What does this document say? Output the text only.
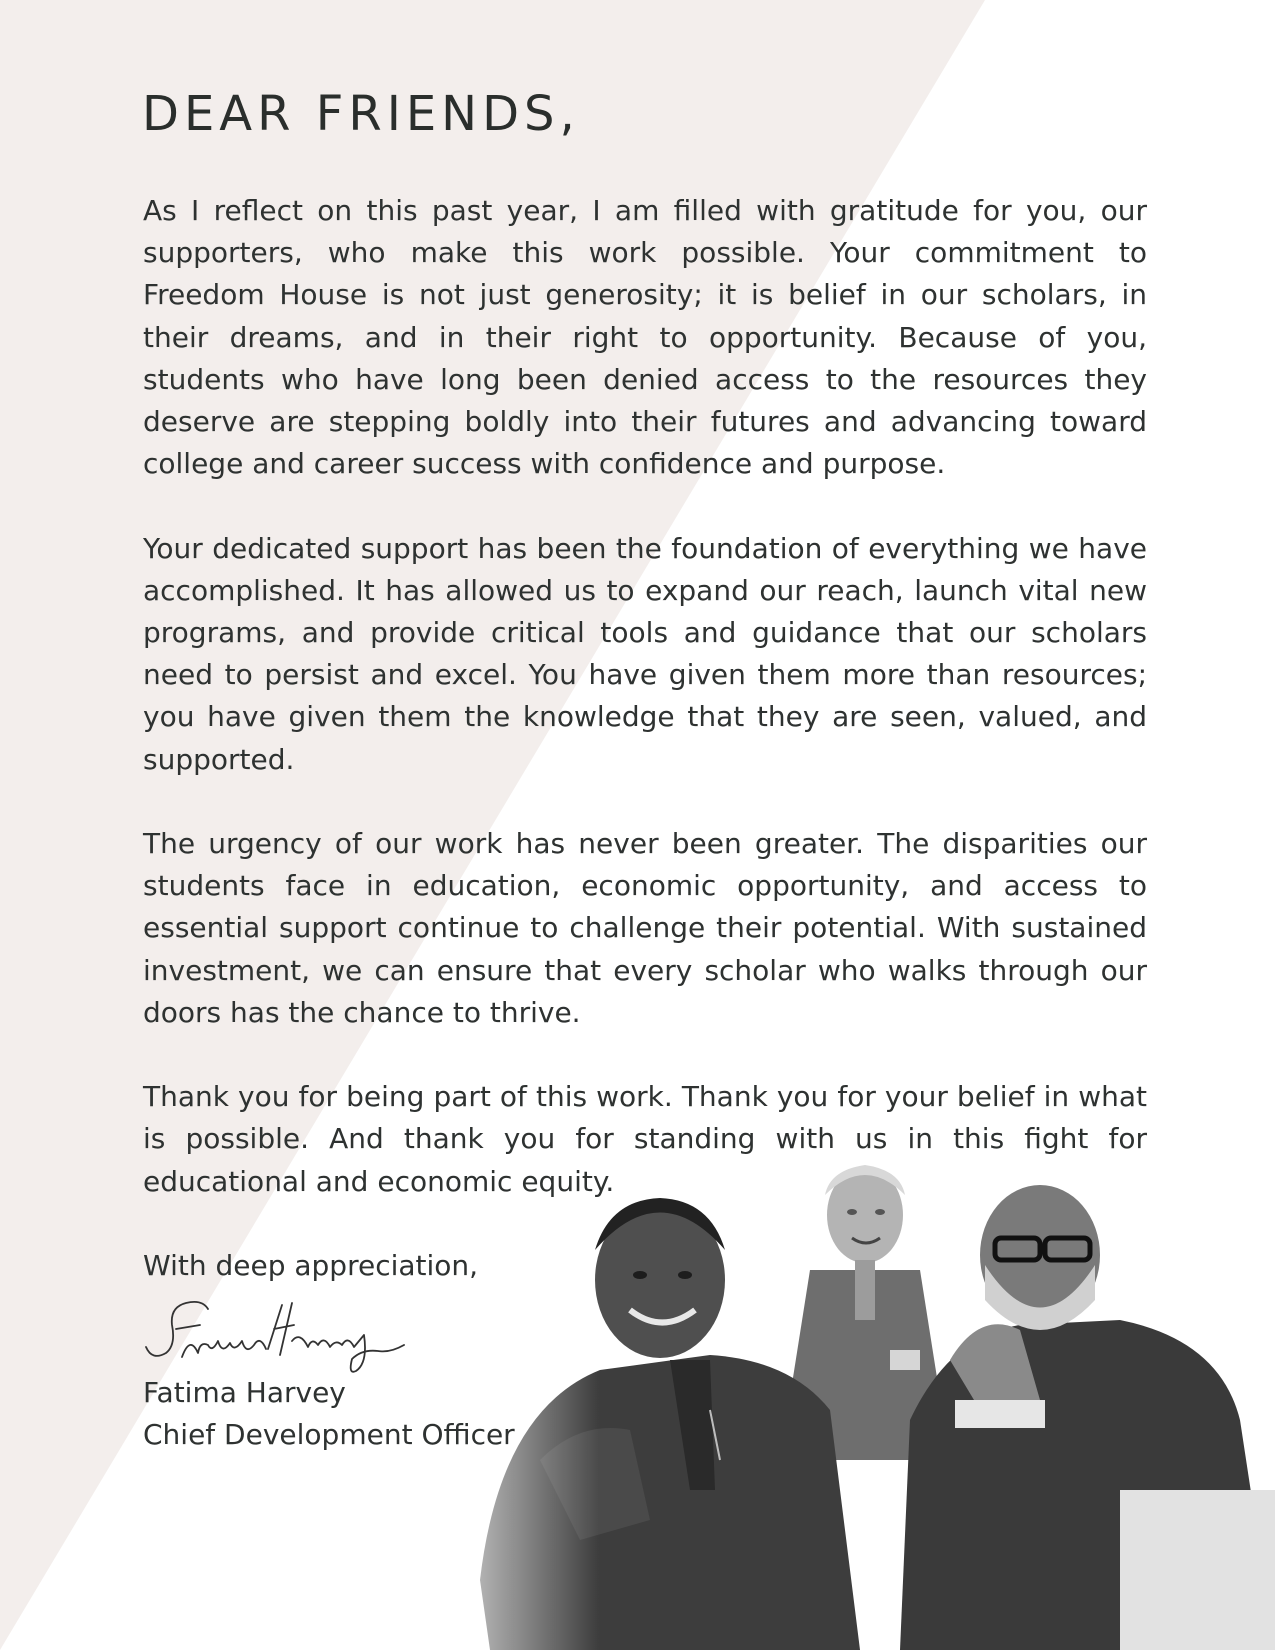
DEAR FRIENDS,

As I reflect on this past year, I am filled with gratitude for you, our supporters, who make this work possible. Your commitment to Freedom House is not just generosity; it is belief in our scholars, in their dreams, and in their right to opportunity. Because of you, students who have long been denied access to the resources they deserve are stepping boldly into their futures and advancing toward college and career success with confidence and purpose.

Your dedicated support has been the foundation of everything we have accomplished. It has allowed us to expand our reach, launch vital new programs, and provide critical tools and guidance that our scholars need to persist and excel. You have given them more than resources; you have given them the knowledge that they are seen, valued, and supported.

The urgency of our work has never been greater. The disparities our students face in education, economic opportunity, and access to essential support continue to challenge their potential. With sustained investment, we can ensure that every scholar who walks through our doors has the chance to thrive.

Thank you for being part of this work. Thank you for your belief in what is possible. And thank you for standing with us in this fight for educational and economic equity.

With deep appreciation,

Fatima Harvey

Chief Development Officer
